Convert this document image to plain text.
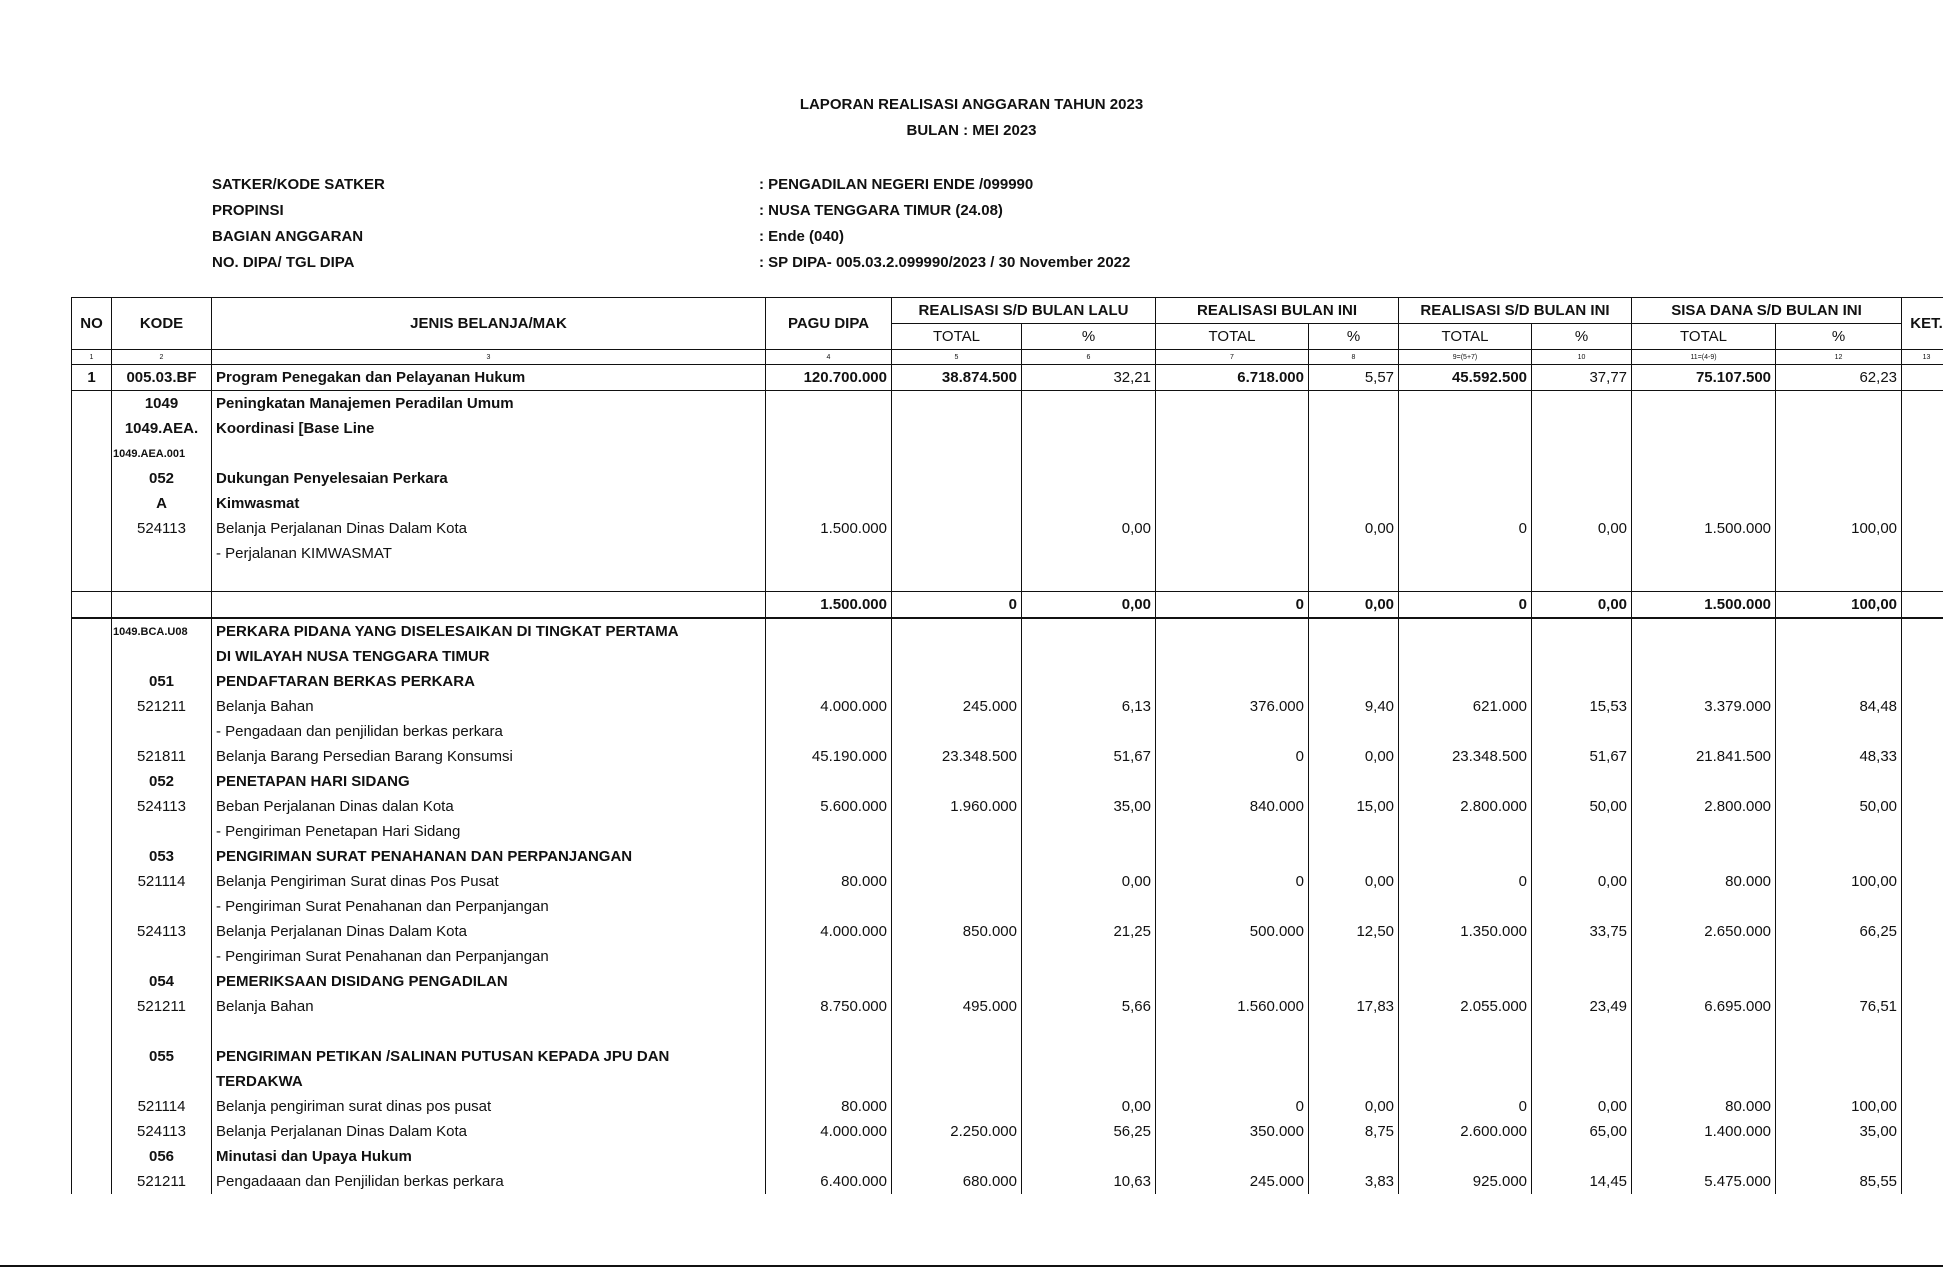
LAPORAN REALISASI ANGGARAN TAHUN 2023
BULAN : MEI 2023
SATKER/KODE SATKER	: PENGADILAN NEGERI ENDE /099990
PROPINSI	: NUSA TENGGARA TIMUR (24.08)
BAGIAN ANGGARAN	: Ende (040)
NO. DIPA/ TGL DIPA	: SP DIPA- 005.03.2.099990/2023 / 30 November 2022
NO	KODE	JENIS BELANJA/MAK	PAGU DIPA	REALISASI S/D BULAN LALU		REALISASI BULAN INI		REALISASI S/D BULAN INI		SISA DANA S/D BULAN INI		KET.
				TOTAL	%	TOTAL	%	TOTAL	%	TOTAL	%	
1	2	3	4	5	6	7	8	9=(5+7)	10	11=(4-9)	12	13
1	005.03.BF	Program Penegakan dan Pelayanan Hukum	120.700.000	38.874.500	32,21	6.718.000	5,57	45.592.500	37,77	75.107.500	62,23	
	1049	Peningkatan Manajemen Peradilan Umum										
	1049.AEA.	Koordinasi [Base Line										
	1049.AEA.001											
	052	Dukungan Penyelesaian Perkara										
	A	Kimwasmat										
	524113	Belanja Perjalanan Dinas Dalam Kota	1.500.000		0,00		0,00	0	0,00	1.500.000	100,00	
		- Perjalanan KIMWASMAT										

			1.500.000	0	0,00	0	0,00	0	0,00	1.500.000	100,00	
	1049.BCA.U08	PERKARA PIDANA YANG DISELESAIKAN DI TINGKAT PERTAMA										
		DI WILAYAH NUSA TENGGARA TIMUR										
	051	PENDAFTARAN BERKAS PERKARA										
	521211	Belanja Bahan	4.000.000	245.000	6,13	376.000	9,40	621.000	15,53	3.379.000	84,48	
		- Pengadaan dan penjilidan berkas perkara										
	521811	Belanja Barang Persedian Barang Konsumsi	45.190.000	23.348.500	51,67	0	0,00	23.348.500	51,67	21.841.500	48,33	
	052	PENETAPAN HARI SIDANG										
	524113	Beban Perjalanan Dinas dalan Kota	5.600.000	1.960.000	35,00	840.000	15,00	2.800.000	50,00	2.800.000	50,00	
		- Pengiriman Penetapan Hari Sidang										
	053	PENGIRIMAN SURAT PENAHANAN DAN PERPANJANGAN										
	521114	Belanja Pengiriman Surat dinas Pos Pusat	80.000		0,00	0	0,00	0	0,00	80.000	100,00	
		- Pengiriman Surat Penahanan dan Perpanjangan										
	524113	Belanja Perjalanan Dinas Dalam Kota	4.000.000	850.000	21,25	500.000	12,50	1.350.000	33,75	2.650.000	66,25	
		- Pengiriman Surat Penahanan dan Perpanjangan										
	054	PEMERIKSAAN DISIDANG PENGADILAN										
	521211	Belanja Bahan	8.750.000	495.000	5,66	1.560.000	17,83	2.055.000	23,49	6.695.000	76,51	

	055	PENGIRIMAN PETIKAN /SALINAN PUTUSAN KEPADA JPU DAN										
		TERDAKWA										
	521114	Belanja pengiriman surat dinas pos pusat	80.000		0,00	0	0,00	0	0,00	80.000	100,00	
	524113	Belanja Perjalanan Dinas Dalam Kota	4.000.000	2.250.000	56,25	350.000	8,75	2.600.000	65,00	1.400.000	35,00	
	056	Minutasi dan Upaya Hukum										
	521211	Pengadaaan dan Penjilidan berkas perkara	6.400.000	680.000	10,63	245.000	3,83	925.000	14,45	5.475.000	85,55	
